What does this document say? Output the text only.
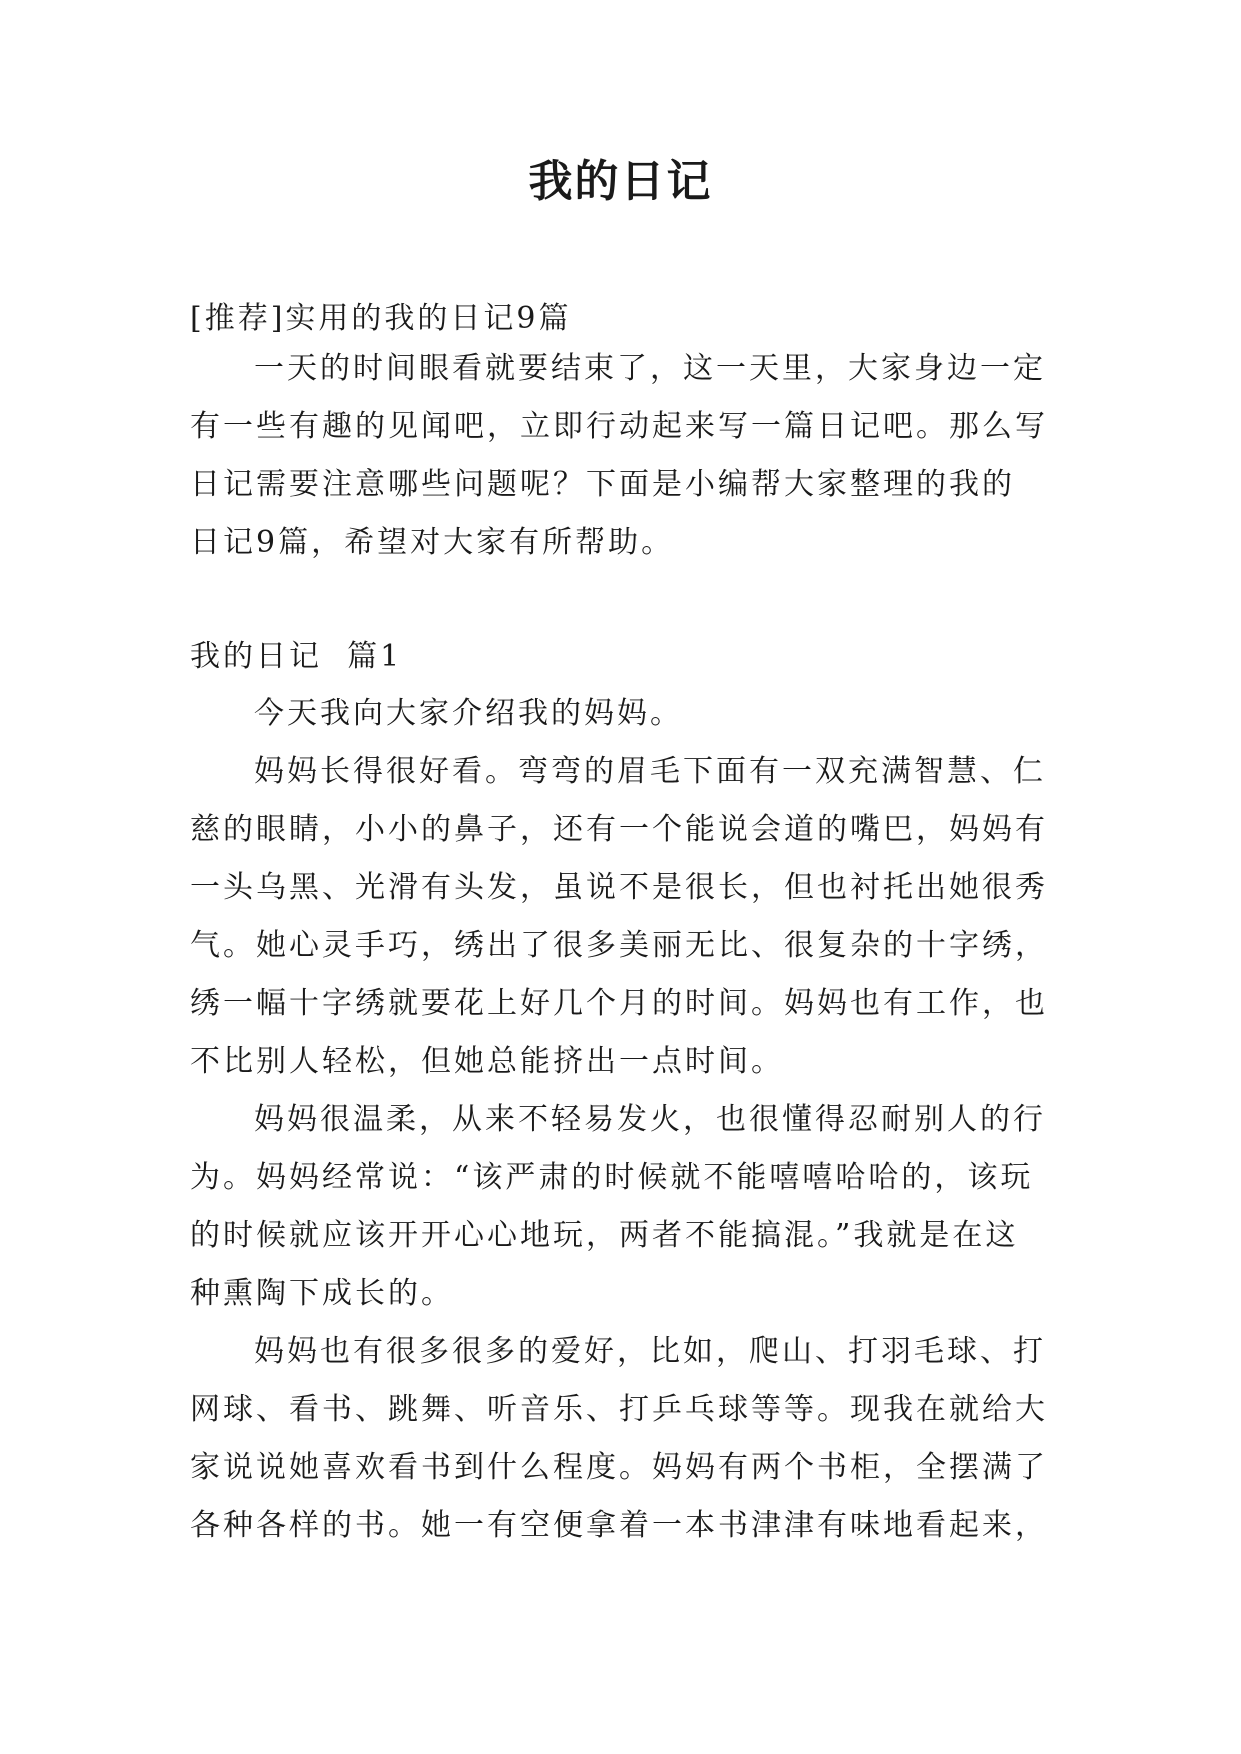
我的日记
[推荐]实用的我的日记9篇
一天的时间眼看就要结束了，这一天里，大家身边一定
有一些有趣的见闻吧，立即行动起来写一篇日记吧。那么写
日记需要注意哪些问题呢？下面是小编帮大家整理的我的
日记9篇，希望对大家有所帮助。
我的日记  篇1
今天我向大家介绍我的妈妈。
妈妈长得很好看。弯弯的眉毛下面有一双充满智慧、仁
慈的眼睛，小小的鼻子，还有一个能说会道的嘴巴，妈妈有
一头乌黑、光滑有头发，虽说不是很长，但也衬托出她很秀
气。她心灵手巧，绣出了很多美丽无比、很复杂的十字绣，
绣一幅十字绣就要花上好几个月的时间。妈妈也有工作，也
不比别人轻松，但她总能挤出一点时间。
妈妈很温柔，从来不轻易发火，也很懂得忍耐别人的行
为。妈妈经常说：“该严肃的时候就不能嘻嘻哈哈的，该玩
的时候就应该开开心心地玩，两者不能搞混。”我就是在这
种熏陶下成长的。
妈妈也有很多很多的爱好，比如，爬山、打羽毛球、打
网球、看书、跳舞、听音乐、打乒乓球等等。现我在就给大
家说说她喜欢看书到什么程度。妈妈有两个书柜，全摆满了
各种各样的书。她一有空便拿着一本书津津有味地看起来，
